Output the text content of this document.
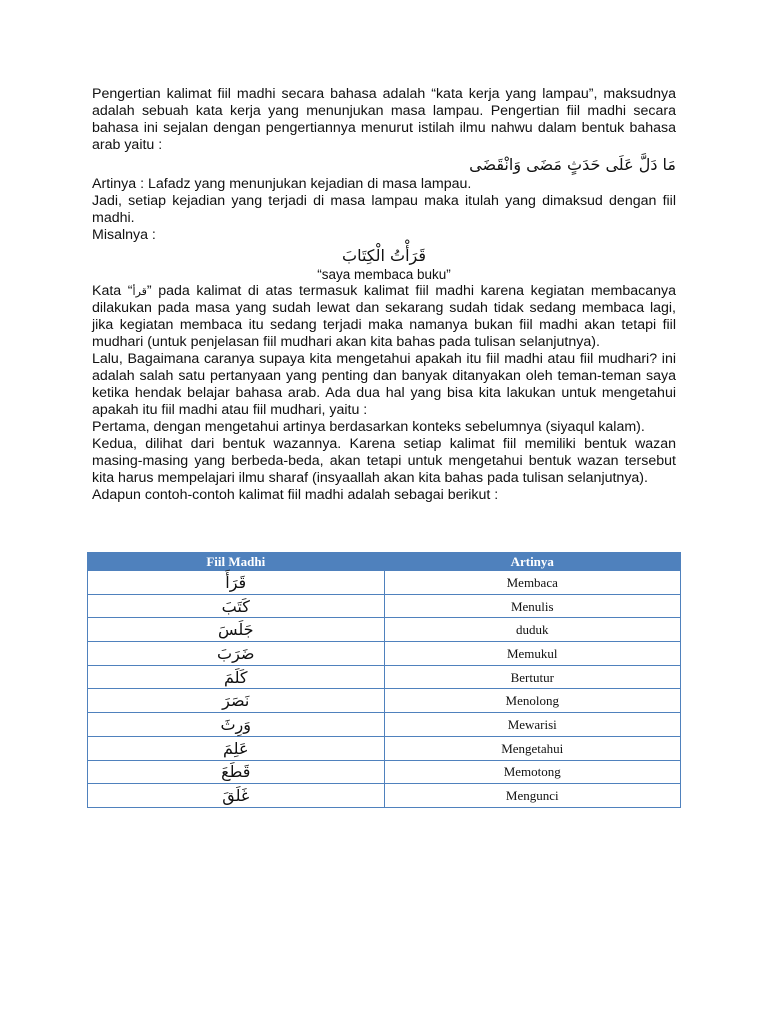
Pengertian kalimat fiil madhi secara bahasa adalah “kata kerja yang lampau”, maksudnya adalah sebuah kata kerja yang menunjukan masa lampau. Pengertian fiil madhi secara bahasa ini sejalan dengan pengertiannya menurut istilah ilmu nahwu dalam bentuk bahasa arab yaitu :

مَا دَلَّ عَلَى حَدَثٍ مَضَى وَانْقَضَى

Artinya : Lafadz yang menunjukan kejadian di masa lampau.

Jadi, setiap kejadian yang terjadi di masa lampau maka itulah yang dimaksud dengan fiil madhi.

Misalnya :

قَرَأْتُ الْكِتَابَ
“saya membaca buku”

Kata “قرأ” pada kalimat di atas termasuk kalimat fiil madhi karena kegiatan membacanya dilakukan pada masa yang sudah lewat dan sekarang sudah tidak sedang membaca lagi, jika kegiatan membaca itu sedang terjadi maka namanya bukan fiil madhi akan tetapi fiil mudhari (untuk penjelasan fiil mudhari akan kita bahas pada tulisan selanjutnya).

Lalu, Bagaimana caranya supaya kita mengetahui apakah itu fiil madhi atau fiil mudhari? ini adalah salah satu pertanyaan yang penting dan banyak ditanyakan oleh teman-teman saya ketika hendak belajar bahasa arab. Ada dua hal yang bisa kita lakukan untuk mengetahui apakah itu fiil madhi atau fiil mudhari, yaitu :

Pertama, dengan mengetahui artinya berdasarkan konteks sebelumnya (siyaqul kalam).

Kedua, dilihat dari bentuk wazannya. Karena setiap kalimat fiil memiliki bentuk wazan masing-masing yang berbeda-beda, akan tetapi untuk mengetahui bentuk wazan tersebut kita harus mempelajari ilmu sharaf (insyaallah akan kita bahas pada tulisan selanjutnya).

Adapun contoh-contoh kalimat fiil madhi adalah sebagai berikut :

Fiil Madhi	Artinya
قَرَأَ	Membaca
كَتَبَ	Menulis
جَلَسَ	duduk
ضَرَبَ	Memukul
كَلَمَ	Bertutur
نَصَرَ	Menolong
وَرِثَ	Mewarisi
عَلِمَ	Mengetahui
قَطَعَ	Memotong
غَلَقَ	Mengunci
